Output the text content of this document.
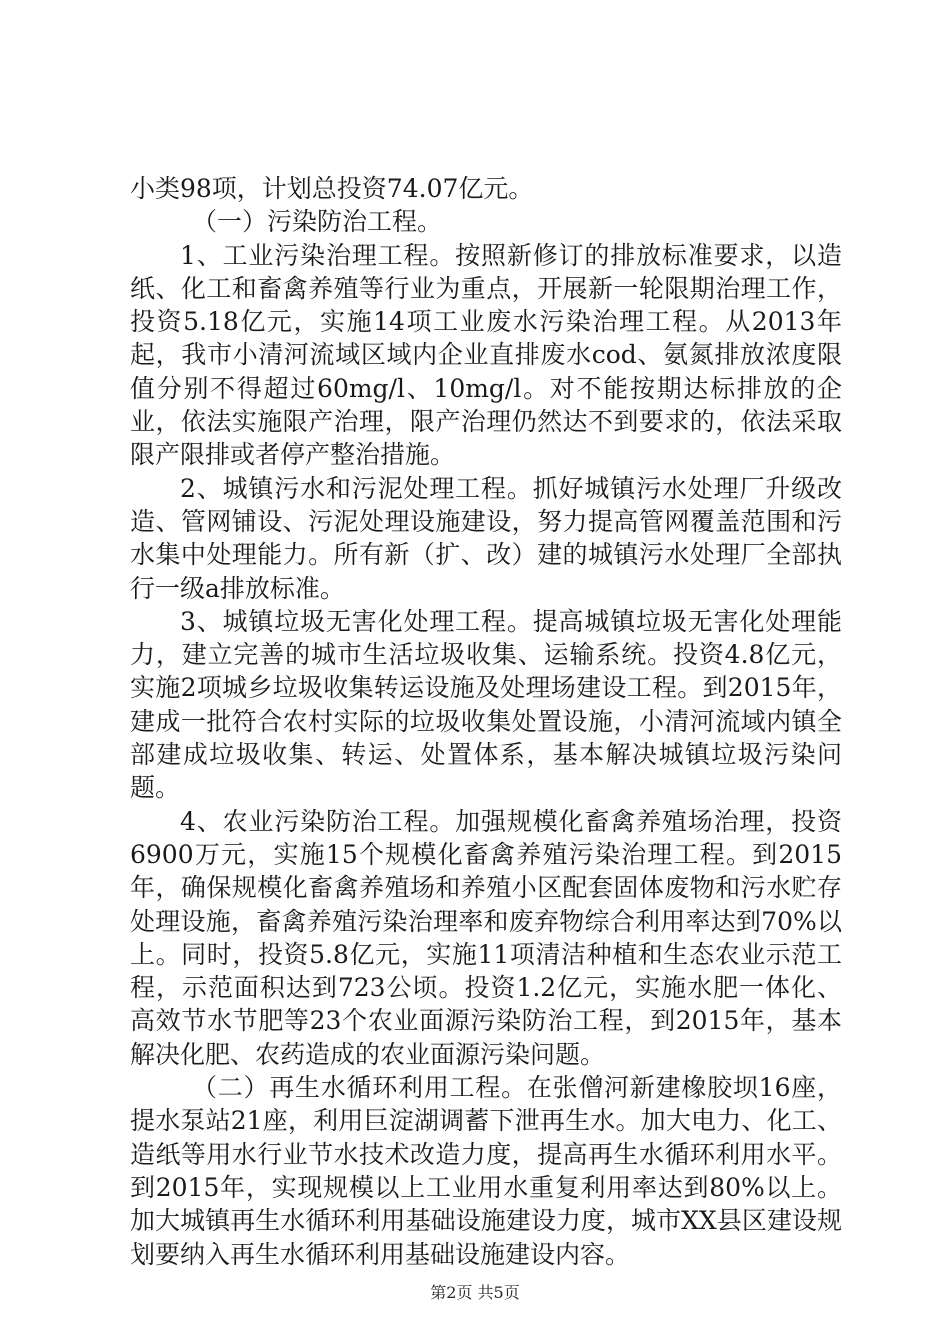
小类98项，计划总投资74.07亿元。

（一）污染防治工程。

1、工业污染治理工程。按照新修订的排放标准要求，以造纸、化工和畜禽养殖等行业为重点，开展新一轮限期治理工作，投资5.18亿元，实施14项工业废水污染治理工程。从2013年起，我市小清河流域区域内企业直排废水cod、氨氮排放浓度限值分别不得超过60mg/l、10mg/l。对不能按期达标排放的企业，依法实施限产治理，限产治理仍然达不到要求的，依法采取限产限排或者停产整治措施。

2、城镇污水和污泥处理工程。抓好城镇污水处理厂升级改造、管网铺设、污泥处理设施建设，努力提高管网覆盖范围和污水集中处理能力。所有新（扩、改）建的城镇污水处理厂全部执行一级a排放标准。

3、城镇垃圾无害化处理工程。提高城镇垃圾无害化处理能力，建立完善的城市生活垃圾收集、运输系统。投资4.8亿元，实施2项城乡垃圾收集转运设施及处理场建设工程。到2015年，建成一批符合农村实际的垃圾收集处置设施，小清河流域内镇全部建成垃圾收集、转运、处置体系，基本解决城镇垃圾污染问题。

4、农业污染防治工程。加强规模化畜禽养殖场治理，投资6900万元，实施15个规模化畜禽养殖污染治理工程。到2015年，确保规模化畜禽养殖场和养殖小区配套固体废物和污水贮存处理设施，畜禽养殖污染治理率和废弃物综合利用率达到70%以上。同时，投资5.8亿元，实施11项清洁种植和生态农业示范工程，示范面积达到723公顷。投资1.2亿元，实施水肥一体化、高效节水节肥等23个农业面源污染防治工程，到2015年，基本解决化肥、农药造成的农业面源污染问题。

（二）再生水循环利用工程。在张僧河新建橡胶坝16座，提水泵站21座，利用巨淀湖调蓄下泄再生水。加大电力、化工、造纸等用水行业节水技术改造力度，提高再生水循环利用水平。到2015年，实现规模以上工业用水重复利用率达到80%以上。加大城镇再生水循环利用基础设施建设力度，城市XX县区建设规划要纳入再生水循环利用基础设施建设内容。

第2页 共5页
